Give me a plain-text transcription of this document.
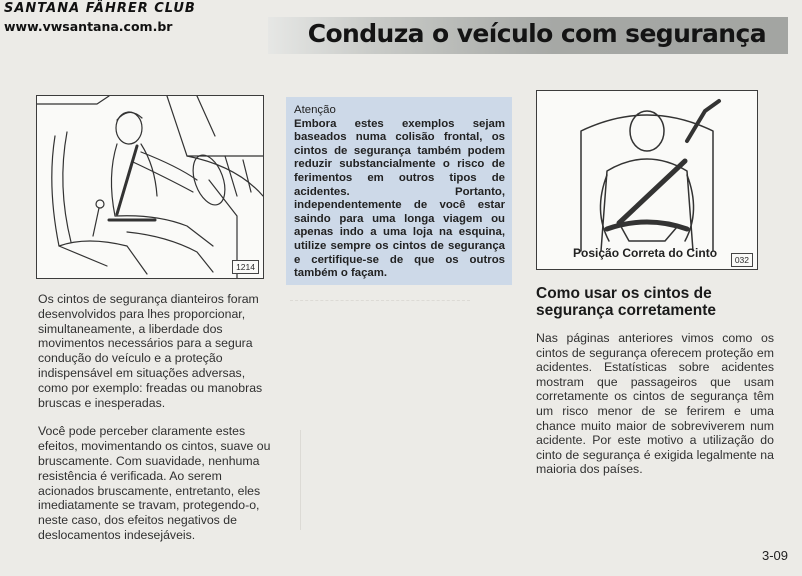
SANTANA FÄHRER CLUB
www.vwsantana.com.br	Conduza o veículo com segurança
1214
Atenção
Embora estes exemplos sejam baseados numa colisão frontal, os cintos de segurança também podem reduzir substancialmente o risco de ferimentos em outros tipos de acidentes. Portanto, independentemente de você estar saindo para uma longa viagem ou apenas indo a uma loja na esquina, utilize sempre os cintos de segurança e certifique-se de que os outros também o façam.
032
Posição Correta do Cinto

Os cintos de segurança dianteiros foram desenvolvidos para lhes proporcionar, simultaneamente, a liberdade dos movimentos necessários para a segura condução do veículo e a proteção indispensável em situações adversas, como por exemplo: freadas ou manobras bruscas e inesperadas.

Você pode perceber claramente estes efeitos, movimentando os cintos, suave ou bruscamente. Com suavidade, nenhuma resistência é verificada. Ao serem acionados bruscamente, entretanto, eles imediatamente se travam, protegendo-o, neste caso, dos efeitos negativos de deslocamentos indesejáveis.

Como usar os cintos de segurança corretamente
Nas páginas anteriores vimos como os cintos de segurança oferecem proteção em acidentes. Estatísticas sobre acidentes mostram que passageiros que usam corretamente os cintos de segurança têm um risco menor de se ferirem e uma chance muito maior de sobreviverem num acidente. Por este motivo a utilização do cinto de segurança é exigida legalmente na maioria dos países.
3-09
